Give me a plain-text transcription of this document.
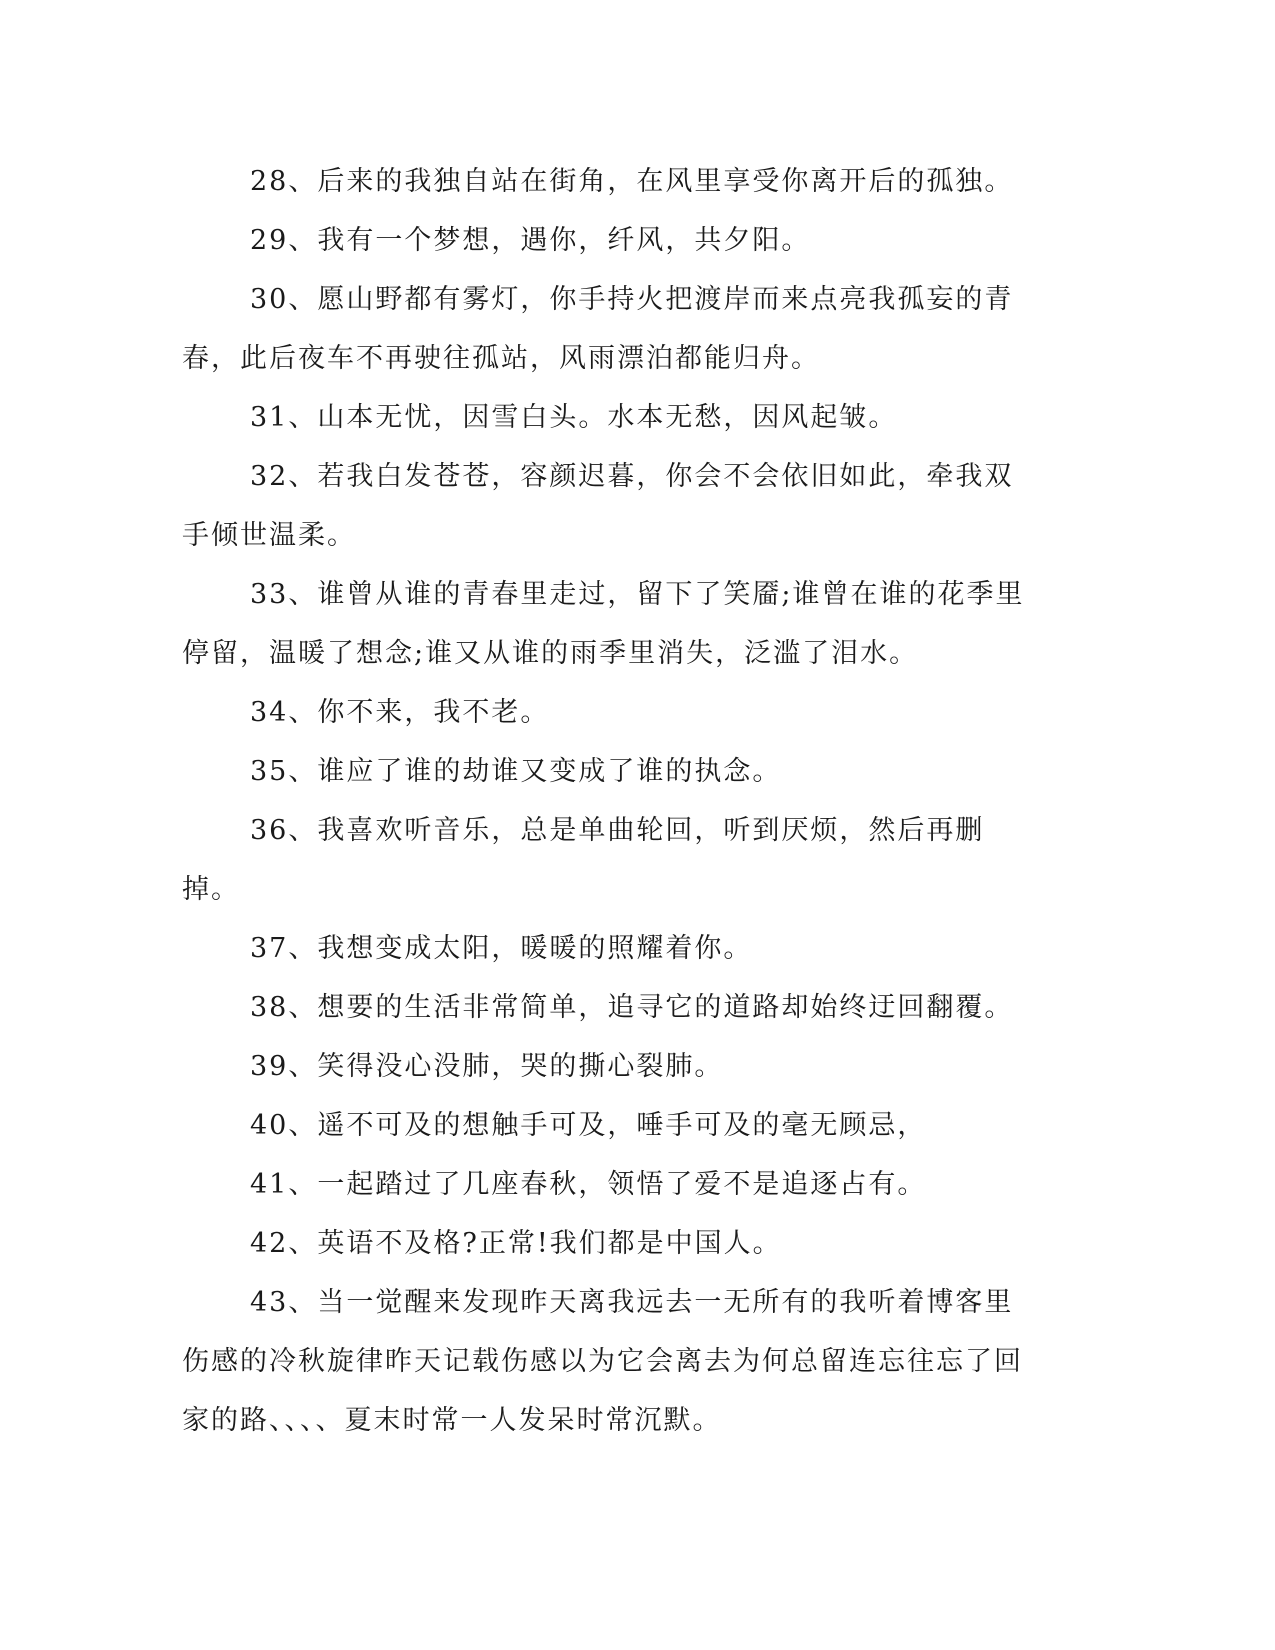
28、后来的我独自站在街角，在风里享受你离开后的孤独。

29、我有一个梦想，遇你，纤风，共夕阳。

30、愿山野都有雾灯，你手持火把渡岸而来点亮我孤妄的青春，此后夜车不再驶往孤站，风雨漂泊都能归舟。

31、山本无忧，因雪白头。水本无愁，因风起皱。

32、若我白发苍苍，容颜迟暮，你会不会依旧如此，牵我双手倾世温柔。

33、谁曾从谁的青春里走过，留下了笑靥;谁曾在谁的花季里停留，温暖了想念;谁又从谁的雨季里消失，泛滥了泪水。

34、你不来，我不老。

35、谁应了谁的劫谁又变成了谁的执念。

36、我喜欢听音乐，总是单曲轮回，听到厌烦，然后再删掉。

37、我想变成太阳，暖暖的照耀着你。

38、想要的生活非常简单，追寻它的道路却始终迂回翻覆。

39、笑得没心没肺，哭的撕心裂肺。

40、遥不可及的想触手可及，唾手可及的毫无顾忌，

41、一起踏过了几座春秋，领悟了爱不是追逐占有。

42、英语不及格?正常!我们都是中国人。

43、当一觉醒来发现昨天离我远去一无所有的我听着博客里伤感的冷秋旋律昨天记载伤感以为它会离去为何总留连忘往忘了回家的路、、、、夏末时常一人发呆时常沉默。
